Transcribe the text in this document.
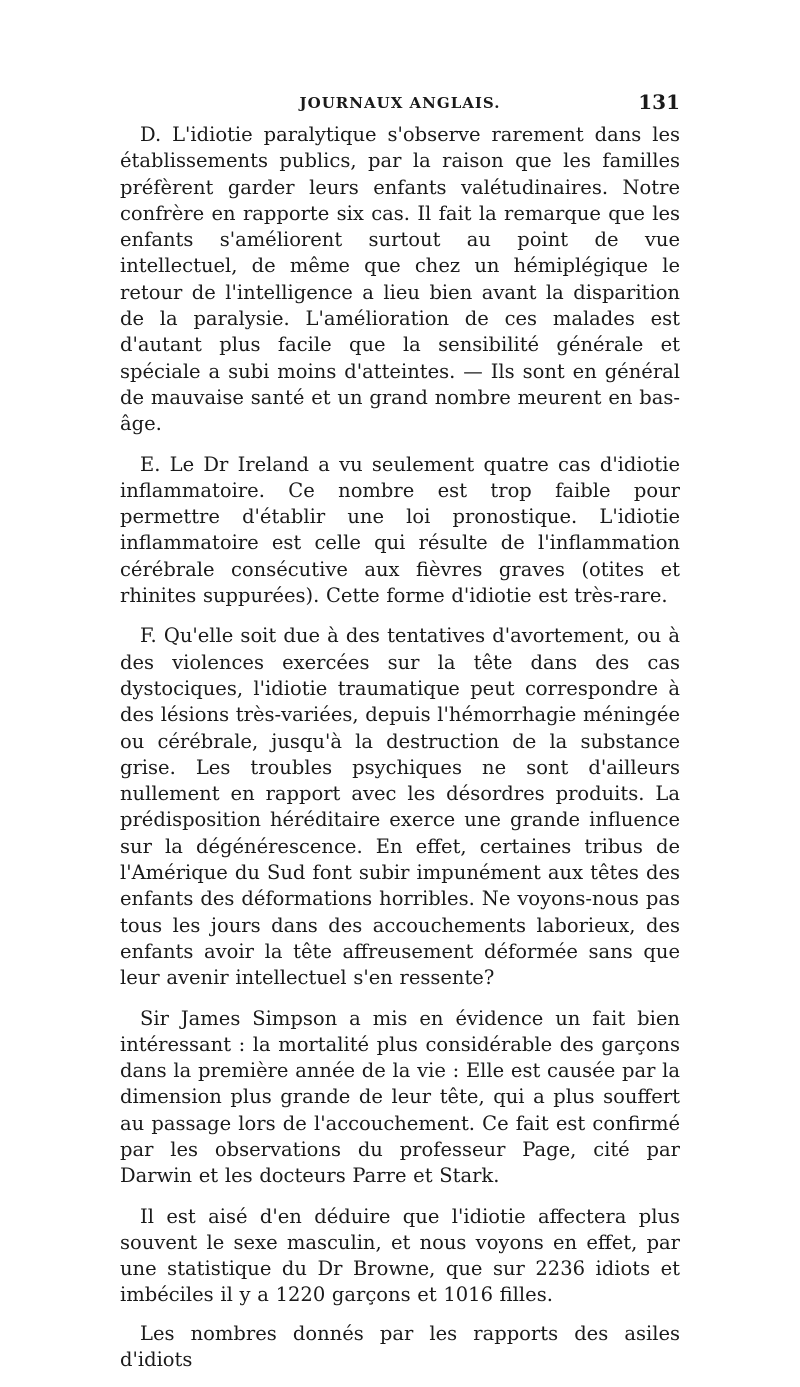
JOURNAUX ANGLAIS.	131

D. L'idiotie paralytique s'observe rarement dans les établissements publics, par la raison que les familles préfèrent garder leurs enfants valétudinaires. Notre confrère en rapporte six cas. Il fait la remarque que les enfants s'améliorent surtout au point de vue intellectuel, de même que chez un hémiplégique le retour de l'intelligence a lieu bien avant la disparition de la paralysie. L'amélioration de ces malades est d'autant plus facile que la sensibilité générale et spéciale a subi moins d'atteintes. — Ils sont en général de mauvaise santé et un grand nombre meurent en bas-âge.

E. Le Dr Ireland a vu seulement quatre cas d'idiotie inflammatoire. Ce nombre est trop faible pour permettre d'établir une loi pronostique. L'idiotie inflammatoire est celle qui résulte de l'inflammation cérébrale consécutive aux fièvres graves (otites et rhinites suppurées). Cette forme d'idiotie est très-rare.

F. Qu'elle soit due à des tentatives d'avortement, ou à des violences exercées sur la tête dans des cas dystociques, l'idiotie traumatique peut correspondre à des lésions très-variées, depuis l'hémorrhagie méningée ou cérébrale, jusqu'à la destruction de la substance grise. Les troubles psychiques ne sont d'ailleurs nullement en rapport avec les désordres produits. La prédisposition héréditaire exerce une grande influence sur la dégénérescence. En effet, certaines tribus de l'Amérique du Sud font subir impunément aux têtes des enfants des déformations horribles. Ne voyons-nous pas tous les jours dans des accouchements laborieux, des enfants avoir la tête affreusement déformée sans que leur avenir intellectuel s'en ressente?

Sir James Simpson a mis en évidence un fait bien intéressant : la mortalité plus considérable des garçons dans la première année de la vie : Elle est causée par la dimension plus grande de leur tête, qui a plus souffert au passage lors de l'accouchement. Ce fait est confirmé par les observations du professeur Page, cité par Darwin et les docteurs Parre et Stark.

Il est aisé d'en déduire que l'idiotie affectera plus souvent le sexe masculin, et nous voyons en effet, par une statistique du Dr Browne, que sur 2236 idiots et imbéciles il y a 1220 garçons et 1016 filles.

Les nombres donnés par les rapports des asiles d'idiots
